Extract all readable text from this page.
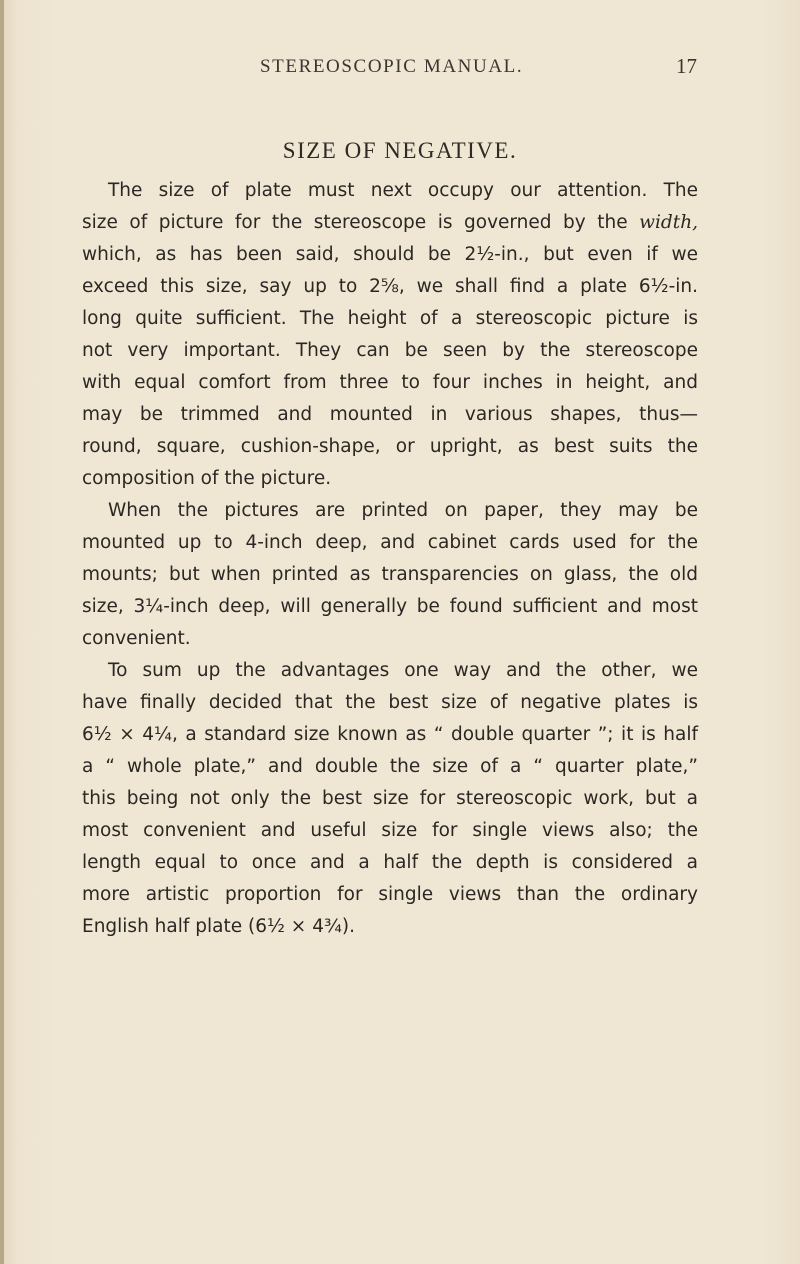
STEREOSCOPIC MANUAL.	17
SIZE OF NEGATIVE.
The size of plate must next occupy our attention. The
size of picture for the stereoscope is governed by the width,
which, as has been said, should be 2½-in., but even if we
exceed this size, say up to 2⅝, we shall find a plate 6½-in.
long quite sufficient. The height of a stereoscopic picture is
not very important. They can be seen by the stereoscope
with equal comfort from three to four inches in height, and
may be trimmed and mounted in various shapes, thus—
round, square, cushion-shape, or upright, as best suits the
composition of the picture.
When the pictures are printed on paper, they may be
mounted up to 4-inch deep, and cabinet cards used for the
mounts; but when printed as transparencies on glass, the old
size, 3¼-inch deep, will generally be found sufficient and most
convenient.
To sum up the advantages one way and the other, we
have finally decided that the best size of negative plates is
6½ × 4¼, a standard size known as “ double quarter ”; it is half
a “ whole plate,” and double the size of a “ quarter plate,”
this being not only the best size for stereoscopic work, but a
most convenient and useful size for single views also; the
length equal to once and a half the depth is considered a
more artistic proportion for single views than the ordinary
English half plate (6½ × 4¾).
